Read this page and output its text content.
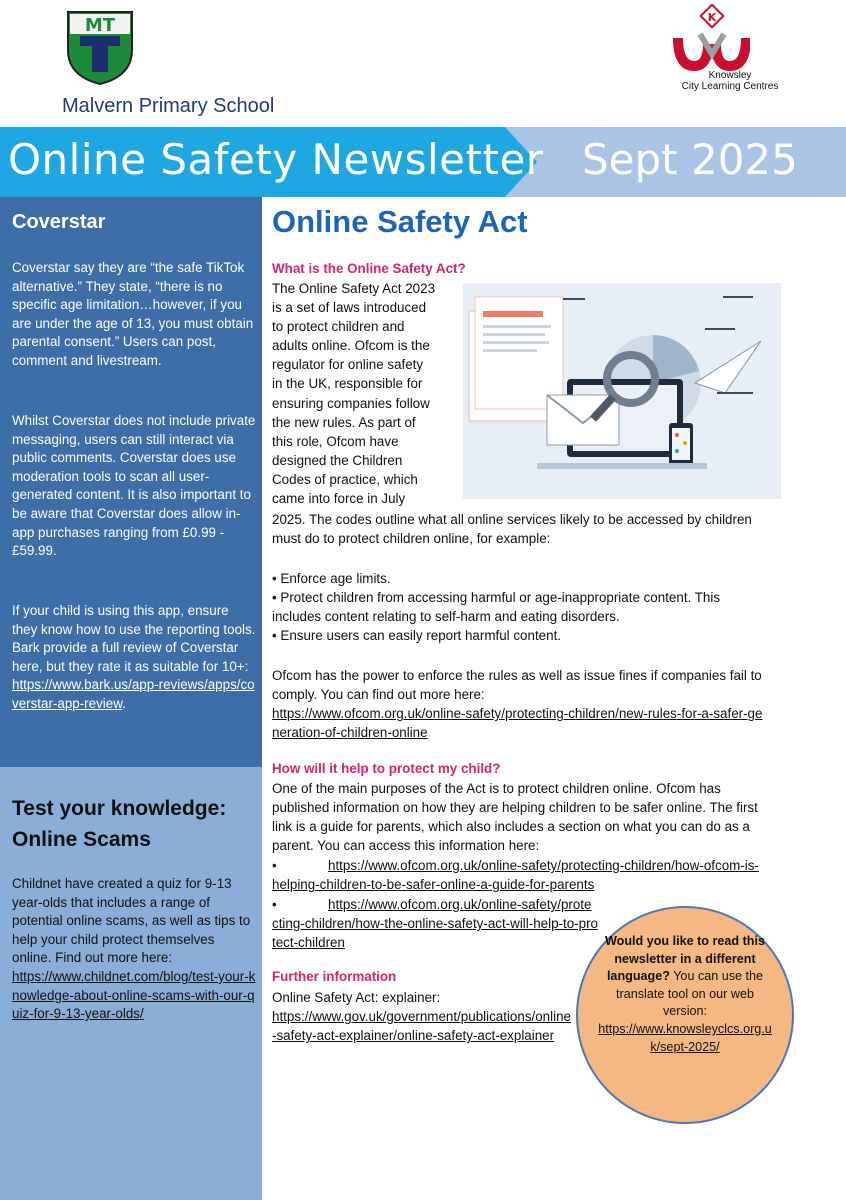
MT
Malvern Primary School
K
Knowsley
City Learning Centres
Online Safety Newsletter Sept 2025
Coverstar
Coverstar say they are “the safe TikTok alternative.” They state, “there is no specific age limitation…however, if you are under the age of 13, you must obtain parental consent.” Users can post, comment and livestream.
Whilst Coverstar does not include private messaging, users can still interact via public comments. Coverstar does use moderation tools to scan all user-generated content. It is also important to be aware that Coverstar does allow in-app purchases ranging from £0.99 - £59.99.
If your child is using this app, ensure they know how to use the reporting tools. Bark provide a full review of Coverstar here, but they rate it as suitable for 10+: https://www.bark.us/app-reviews/apps/coverstar-app-review.
Test your knowledge:
Online Scams
Childnet have created a quiz for 9-13 year-olds that includes a range of potential online scams, as well as tips to help your child protect themselves online. Find out more here:
https://www.childnet.com/blog/test-your-knowledge-about-online-scams-with-our-quiz-for-9-13-year-olds/
Online Safety Act
What is the Online Safety Act?
The Online Safety Act 2023
is a set of laws introduced
to protect children and
adults online. Ofcom is the
regulator for online safety
in the UK, responsible for
ensuring companies follow
the new rules. As part of
this role, Ofcom have
designed the Children
Codes of practice, which
came into force in July
2025. The codes outline what all online services likely to be accessed by children must do to protect children online, for example:
• Enforce age limits.
• Protect children from accessing harmful or age-inappropriate content. This includes content relating to self-harm and eating disorders.
• Ensure users can easily report harmful content.
Ofcom has the power to enforce the rules as well as issue fines if companies fail to comply. You can find out more here:
https://www.ofcom.org.uk/online-safety/protecting-children/new-rules-for-a-safer-generation-of-children-online
How will it help to protect my child?
One of the main purposes of the Act is to protect children online. Ofcom has published information on how they are helping children to be safer online. The first link is a guide for parents, which also includes a section on what you can do as a parent. You can access this information here:
•	https://www.ofcom.org.uk/online-safety/protecting-children/how-ofcom-is-helping-children-to-be-safer-online-a-guide-for-parents
•	https://www.ofcom.org.uk/online-safety/protecting-children/how-the-online-safety-act-will-help-to-protect-children
Further information
Online Safety Act: explainer:
https://www.gov.uk/government/publications/online-safety-act-explainer/online-safety-act-explainer
Would you like to read this newsletter in a different language? You can use the translate tool on our web version:
https://www.knowsleyclcs.org.uk/sept-2025/
